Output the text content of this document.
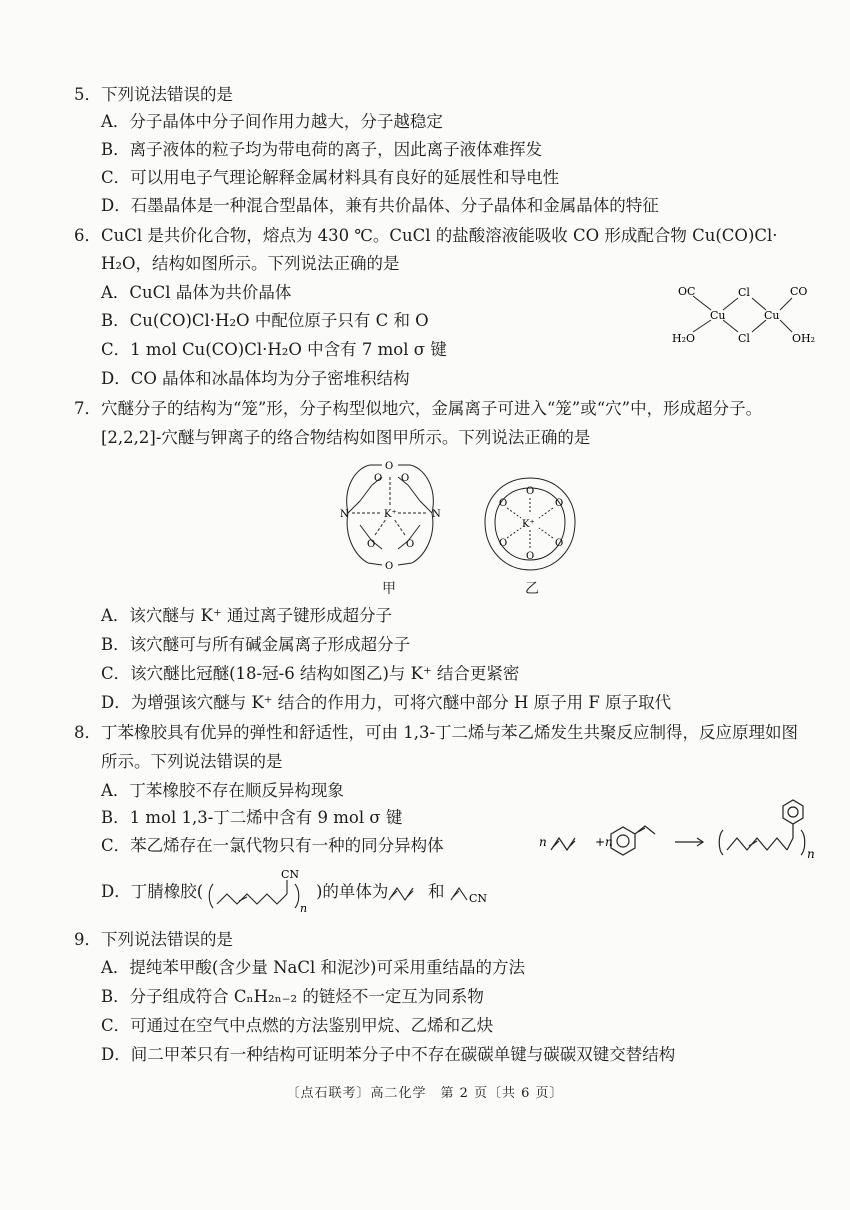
5．下列说法错误的是
A．分子晶体中分子间作用力越大，分子越稳定
B．离子液体的粒子均为带电荷的离子，因此离子液体难挥发
C．可以用电子气理论解释金属材料具有良好的延展性和导电性
D．石墨晶体是一种混合型晶体，兼有共价晶体、分子晶体和金属晶体的特征
6．CuCl 是共价化合物，熔点为 430 ℃。CuCl 的盐酸溶液能吸收 CO 形成配合物 Cu(CO)Cl·
H₂O，结构如图所示。下列说法正确的是
A．CuCl 晶体为共价晶体
B．Cu(CO)Cl·H₂O 中配位原子只有 C 和 O
C．1 mol Cu(CO)Cl·H₂O 中含有 7 mol σ 键
D．CO 晶体和冰晶体均为分子密堆积结构
OC	Cl	CO
Cu	Cu
H₂O	Cl	OH₂
7．穴醚分子的结构为“笼”形，分子构型似地穴，金属离子可进入“笼”或“穴”中，形成超分子。
[2,2,2]-穴醚与钾离子的络合物结构如图甲所示。下列说法正确的是
O
O O
N	N
K⁺
O	O
O
甲
O
O	O
K⁺
O	O
O
乙
A．该穴醚与 K⁺ 通过离子键形成超分子
B．该穴醚可与所有碱金属离子形成超分子
C．该穴醚比冠醚(18-冠-6 结构如图乙)与 K⁺ 结合更紧密
D．为增强该穴醚与 K⁺ 结合的作用力，可将穴醚中部分 H 原子用 F 原子取代
8．丁苯橡胶具有优异的弹性和舒适性，可由 1,3-丁二烯与苯乙烯发生共聚反应制得，反应原理如图
所示。下列说法错误的是
A．丁苯橡胶不存在顺反异构现象
B．1 mol 1,3-丁二烯中含有 9 mol σ 键
C．苯乙烯存在一氯代物只有一种的同分异构体	n	+n
n
D．丁腈橡胶(
CN
n
)的单体为 和 CN
9．下列说法错误的是
A．提纯苯甲酸(含少量 NaCl 和泥沙)可采用重结晶的方法
B．分子组成符合 CₙH₂ₙ₋₂ 的链烃不一定互为同系物
C．可通过在空气中点燃的方法鉴别甲烷、乙烯和乙炔
D．间二甲苯只有一种结构可证明苯分子中不存在碳碳单键与碳碳双键交替结构
〔点石联考〕高二化学　第 2 页〔共 6 页〕
